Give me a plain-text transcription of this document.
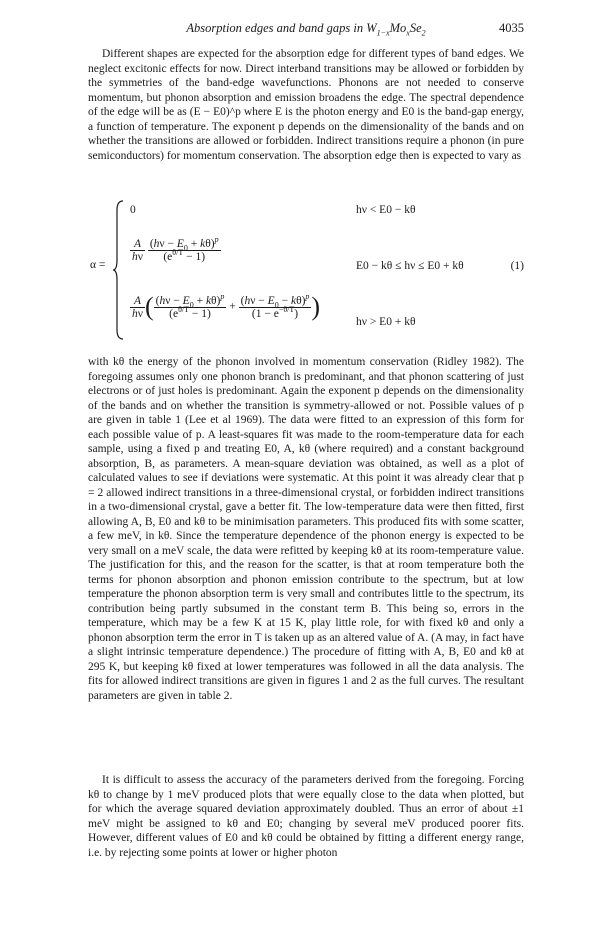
Absorption edges and band gaps in $W_{1-x}Mo_xSe_2$	4035

Different shapes are expected for the absorption edge for different types of band edges. We neglect excitonic effects for now. Direct interband transitions may be allowed or forbidden by the symmetries of the band-edge wavefunctions. Phonons are not needed to conserve momentum, but phonon absorption and emission broadens the edge. The spectral dependence of the edge will be as (E − E0)^p where E is the photon energy and E0 is the band-gap energy, a function of temperature. The exponent p depends on the dimensionality of the bands and on whether the transitions are allowed or forbidden. Indirect transitions require a phonon (in pure semiconductors) for momentum conservation. The absorption edge then is expected to vary as

α =
0	hν < E0 − kθ
$\frac{A}{h\nu}$
$\frac{(h\nu - E_0 + k\theta)^p}{(e^{\theta/T} - 1)}$
E0 − kθ ≤ hν ≤ E0 + kθ
$\frac{A}{h\nu}$ ( $\frac{(h\nu - E_0 + k\theta)^p}{(e^{\theta/T} - 1)} + \frac{(h\nu - E_0 - k\theta)^p}{(1 - e^{-\theta/T})}$ )
hν > E0 + kθ
(1)

with kθ the energy of the phonon involved in momentum conservation (Ridley 1982). The foregoing assumes only one phonon branch is predominant, and that phonon scattering of just electrons or of just holes is predominant. Again the exponent p depends on the dimensionality of the bands and on whether the transition is symmetry-allowed or not. Possible values of p are given in table 1 (Lee et al 1969). The data were fitted to an expression of this form for each possible value of p. A least-squares fit was made to the room-temperature data for each sample, using a fixed p and treating E0, A, kθ (where required) and a constant background absorption, B, as parameters. A mean-square deviation was obtained, as well as a plot of calculated values to see if deviations were systematic. At this point it was already clear that p = 2 allowed indirect transitions in a three-dimensional crystal, or forbidden indirect transitions in a two-dimensional crystal, gave a better fit. The low-temperature data were then fitted, first allowing A, B, E0 and kθ to be minimisation parameters. This produced fits with some scatter, a few meV, in kθ. Since the temperature dependence of the phonon energy is expected to be very small on a meV scale, the data were refitted by keeping kθ at its room-temperature value. The justification for this, and the reason for the scatter, is that at room temperature both the terms for phonon absorption and phonon emission contribute to the spectrum, but at low temperature the phonon absorption term is very small and contributes little to the spectrum, its contribution being partly subsumed in the constant term B. This being so, errors in the temperature, which may be a few K at 15 K, play little role, for with fixed kθ and only a phonon absorption term the error in T is taken up as an altered value of A. (A may, in fact have a slight intrinsic temperature dependence.) The procedure of fitting with A, B, E0 and kθ at 295 K, but keeping kθ fixed at lower temperatures was followed in all the data analysis. The fits for allowed indirect transitions are given in figures 1 and 2 as the full curves. The resultant parameters are given in table 2.

It is difficult to assess the accuracy of the parameters derived from the foregoing. Forcing kθ to change by 1 meV produced plots that were equally close to the data when plotted, but for which the average squared deviation approximately doubled. Thus an error of about ±1 meV might be assigned to kθ and E0; changing by several meV produced poorer fits. However, different values of E0 and kθ could be obtained by fitting a different energy range, i.e. by rejecting some points at lower or higher photon
